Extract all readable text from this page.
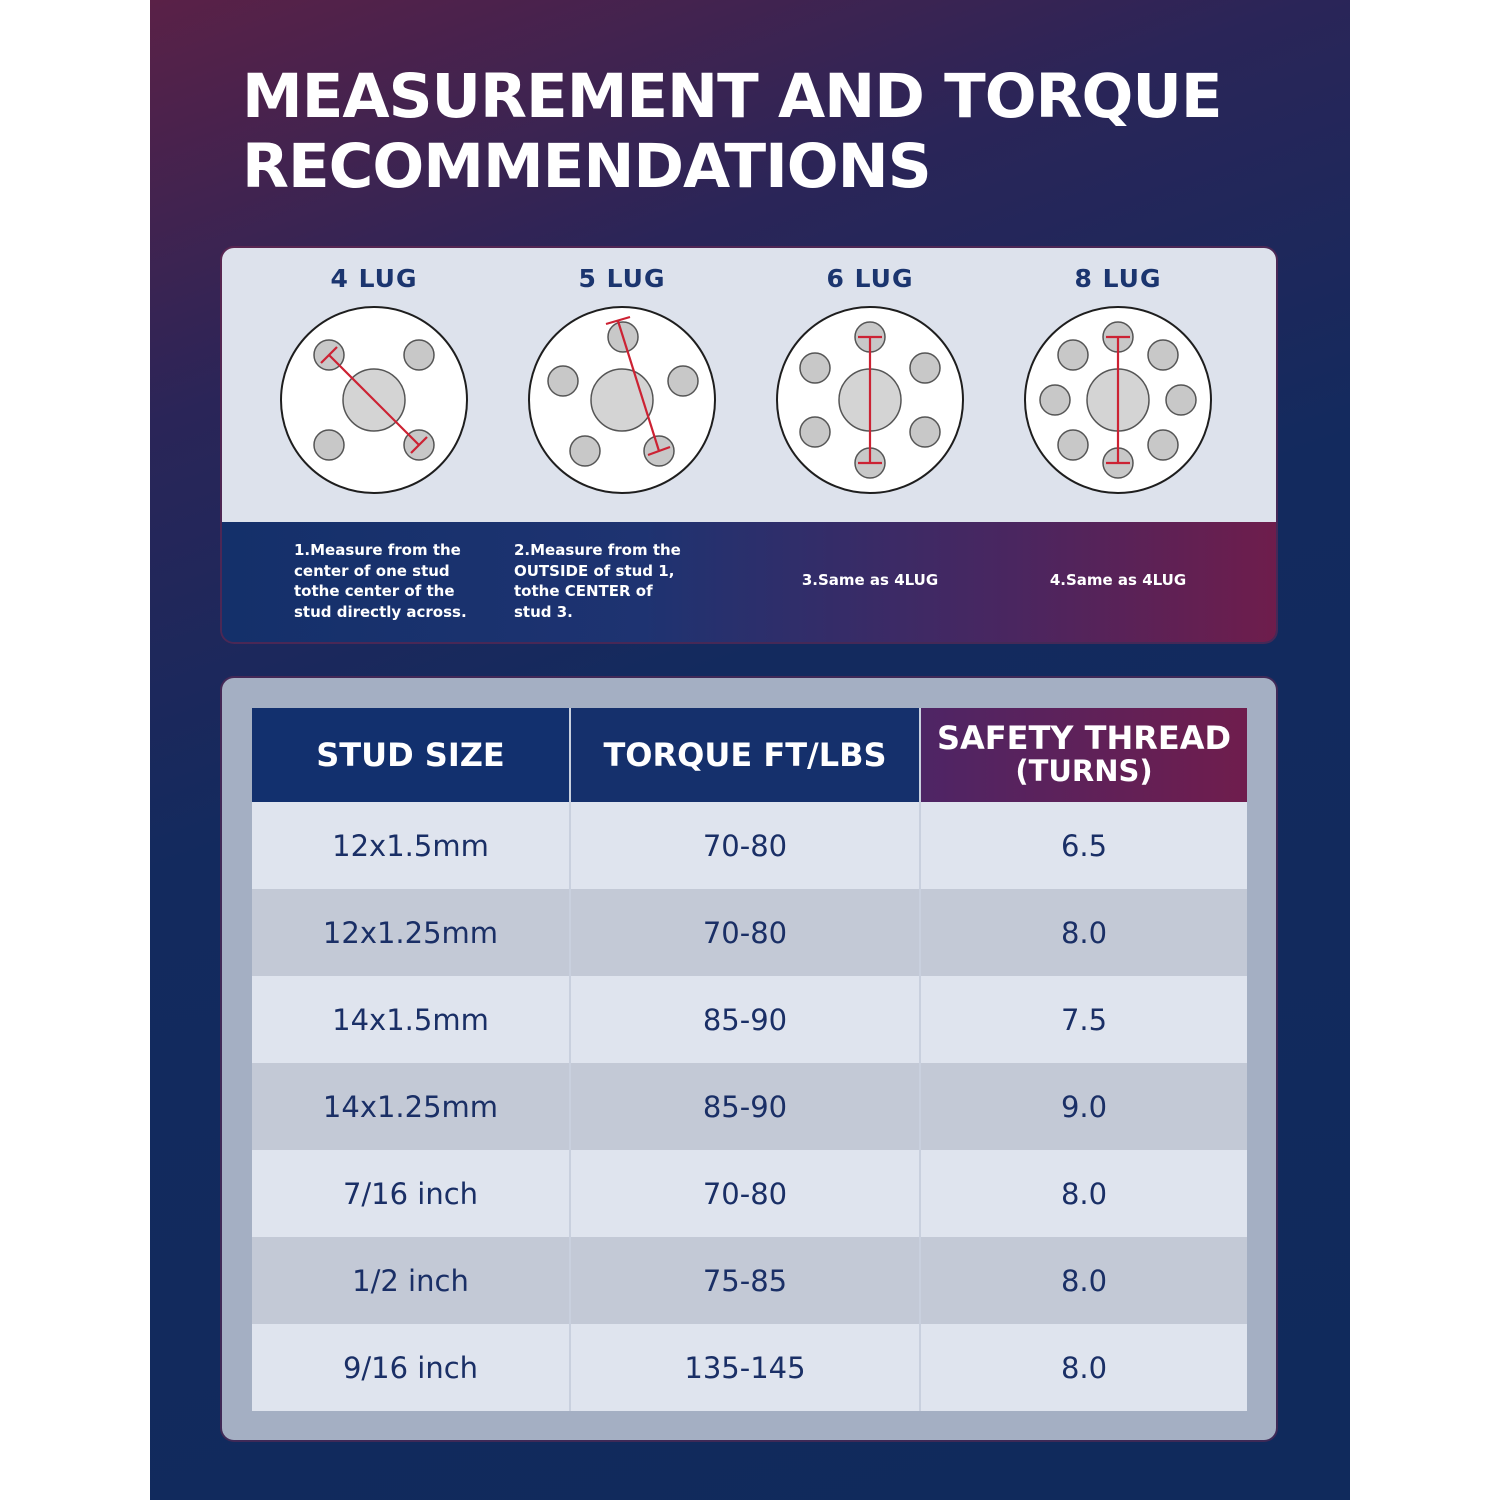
MEASUREMENT AND TORQUE
RECOMMENDATIONS
4 LUG
1.Measure from the
center of one stud
tothe center of the
stud directly across.
5 LUG
2.Measure from the
OUTSIDE of stud 1,
tothe CENTER of
stud 3.
6 LUG
3.Same as 4LUG
8 LUG
4.Same as 4LUG
STUD SIZE	TORQUE FT/LBS	SAFETY THREAD
(TURNS)

12x1.5mm	70-80	6.5
12x1.25mm	70-80	8.0
14x1.5mm	85-90	7.5
14x1.25mm	85-90	9.0
7/16 inch	70-80	8.0
1/2 inch	75-85	8.0
9/16 inch	135-145	8.0
